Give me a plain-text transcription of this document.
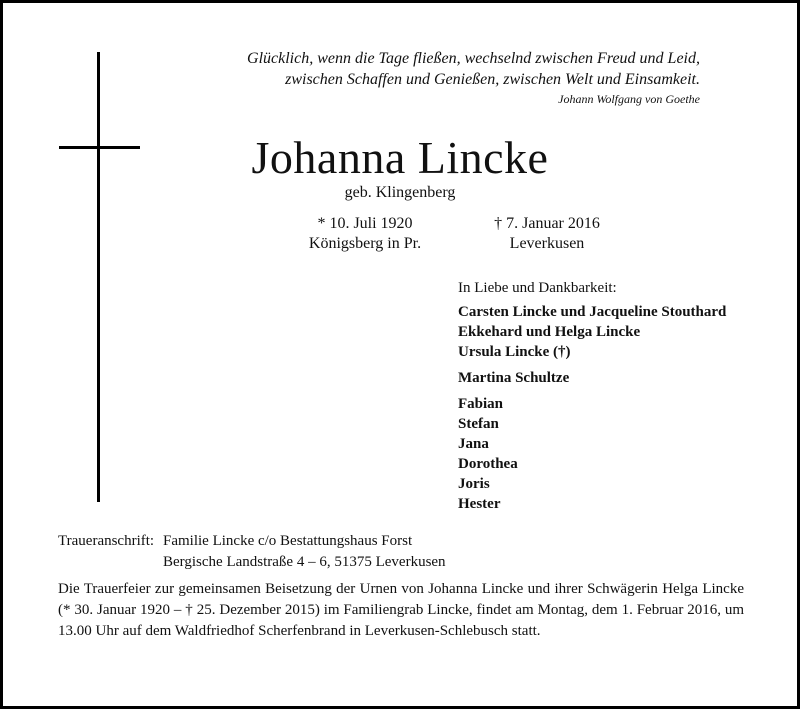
Glücklich, wenn die Tage fließen, wechselnd zwischen Freud und Leid,
zwischen Schaffen und Genießen, zwischen Welt und Einsamkeit.
Johann Wolfgang von Goethe
Johanna Lincke
geb. Klingenberg
* 10. Juli 1920
Königsberg in Pr.
† 7. Januar 2016
Leverkusen
In Liebe und Dankbarkeit:
Carsten Lincke und Jacqueline Stouthard
Ekkehard und Helga Lincke
Ursula Lincke (†)
Martina Schultze
Fabian
Stefan
Jana
Dorothea
Joris
Hester
Traueranschrift: Familie Lincke c/o Bestattungshaus Forst
Bergische Landstraße 4 – 6, 51375 Leverkusen
Die Trauerfeier zur gemeinsamen Beisetzung der Urnen von Johanna Lincke und ihrer Schwägerin Helga Lincke (* 30. Januar 1920 – † 25. Dezember 2015) im Familiengrab Lincke, findet am Montag, dem 1. Februar 2016, um 13.00 Uhr auf dem Waldfriedhof Scherfenbrand in Leverkusen-Schlebusch statt.
